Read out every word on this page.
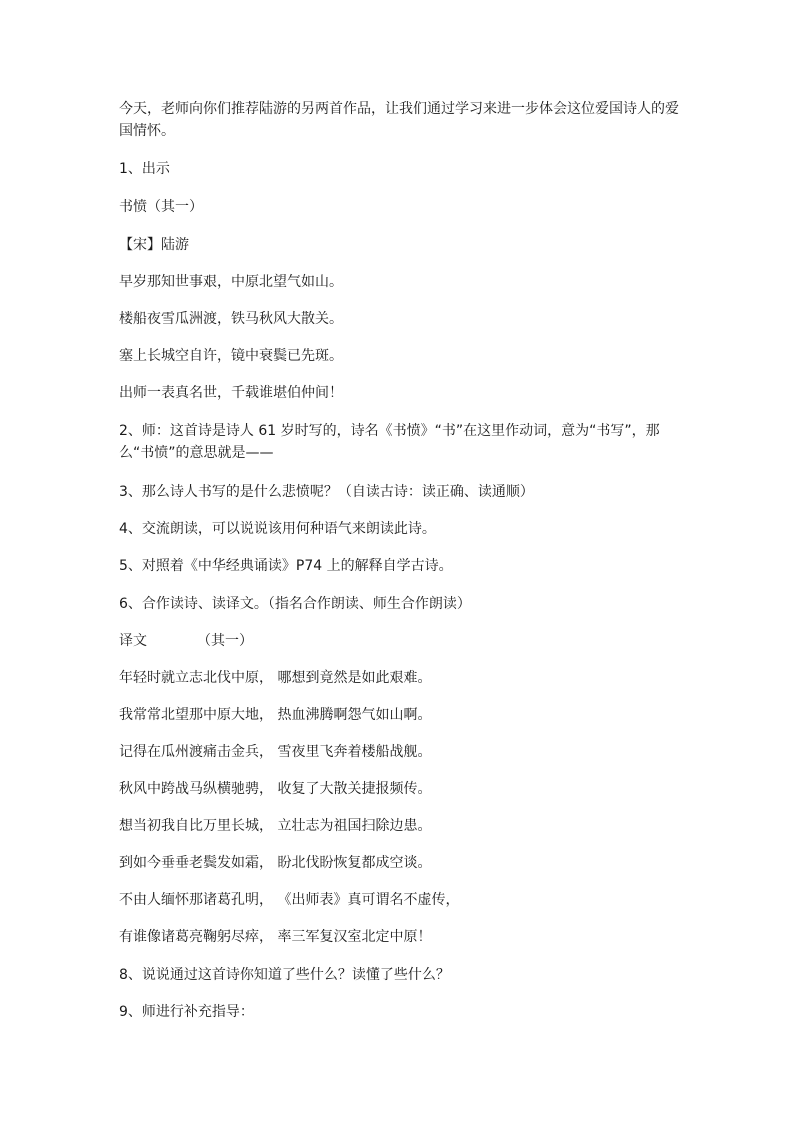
今天，老师向你们推荐陆游的另两首作品，让我们通过学习来进一步体会这位爱国诗人的爱国情怀。
1、出示
书愤（其一）
【宋】陆游
早岁那知世事艰，中原北望气如山。
楼船夜雪瓜洲渡，铁马秋风大散关。
塞上长城空自许，镜中衰鬓已先斑。
出师一表真名世，千载谁堪伯仲间！
2、师：这首诗是诗人 61 岁时写的，诗名《书愤》“书”在这里作动词，意为“书写”，那么“书愤”的意思就是——
3、那么诗人书写的是什么悲愤呢？（自读古诗：读正确、读通顺）
4、交流朗读，可以说说该用何种语气来朗读此诗。
5、对照着《中华经典诵读》P74 上的解释自学古诗。
6、合作读诗、读译文。（指名合作朗读、师生合作朗读）
译文	（其一）
年轻时就立志北伐中原， 哪想到竟然是如此艰难。
我常常北望那中原大地， 热血沸腾啊怨气如山啊。
记得在瓜州渡痛击金兵， 雪夜里飞奔着楼船战舰。
秋风中跨战马纵横驰骋， 收复了大散关捷报频传。
想当初我自比万里长城， 立壮志为祖国扫除边患。
到如今垂垂老鬓发如霜， 盼北伐盼恢复都成空谈。
不由人缅怀那诸葛孔明， 《出师表》真可谓名不虚传，
有谁像诸葛亮鞠躬尽瘁， 率三军复汉室北定中原！
8、说说通过这首诗你知道了些什么？读懂了些什么？
9、师进行补充指导：
